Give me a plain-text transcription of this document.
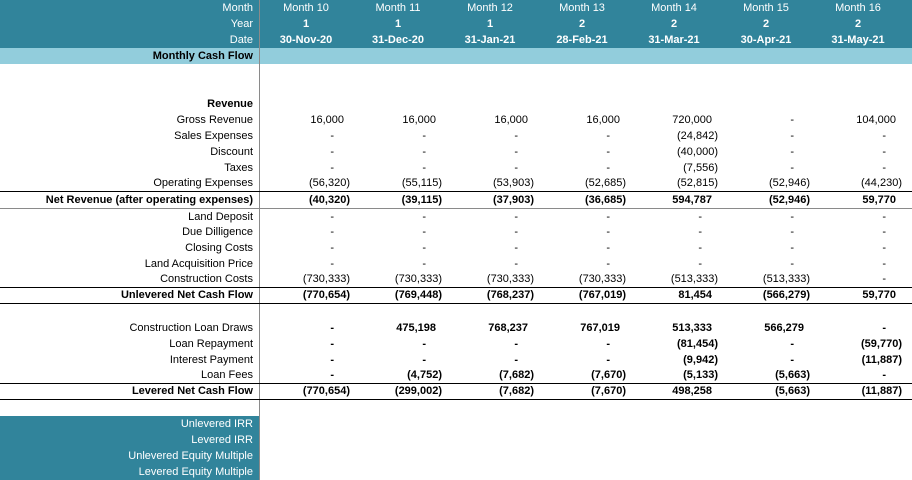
Month	Month 10	Month 11	Month 12	Month 13	Month 14	Month 15	Month 16
Year	1	1	1	2	2	2	2
Date	30-Nov-20	31-Dec-20	31-Jan-21	28-Feb-21	31-Mar-21	30-Apr-21	31-May-21
Monthly Cash Flow
Revenue
Gross Revenue	16,000	16,000	16,000	16,000	720,000	-	104,000
Sales Expenses	-	-	-	-	(24,842)	-	-
Discount	-	-	-	-	(40,000)	-	-
Taxes	-	-	-	-	(7,556)	-	-
Operating Expenses	(56,320)	(55,115)	(53,903)	(52,685)	(52,815)	(52,946)	(44,230)
Net Revenue (after operating expenses)	(40,320)	(39,115)	(37,903)	(36,685)	594,787	(52,946)	59,770
Land Deposit	-	-	-	-	-	-	-
Due Dilligence	-	-	-	-	-	-	-
Closing Costs	-	-	-	-	-	-	-
Land Acquisition Price	-	-	-	-	-	-	-
Construction Costs	(730,333)	(730,333)	(730,333)	(730,333)	(513,333)	(513,333)	-
Unlevered Net Cash Flow	(770,654)	(769,448)	(768,237)	(767,019)	81,454	(566,279)	59,770
Construction Loan Draws	-	475,198	768,237	767,019	513,333	566,279	-
Loan Repayment	-	-	-	-	(81,454)	-	(59,770)
Interest Payment	-	-	-	-	(9,942)	-	(11,887)
Loan Fees	-	(4,752)	(7,682)	(7,670)	(5,133)	(5,663)	-
Levered Net Cash Flow	(770,654)	(299,002)	(7,682)	(7,670)	498,258	(5,663)	(11,887)
Unlevered IRR
Levered IRR
Unlevered Equity Multiple
Levered Equity Multiple
